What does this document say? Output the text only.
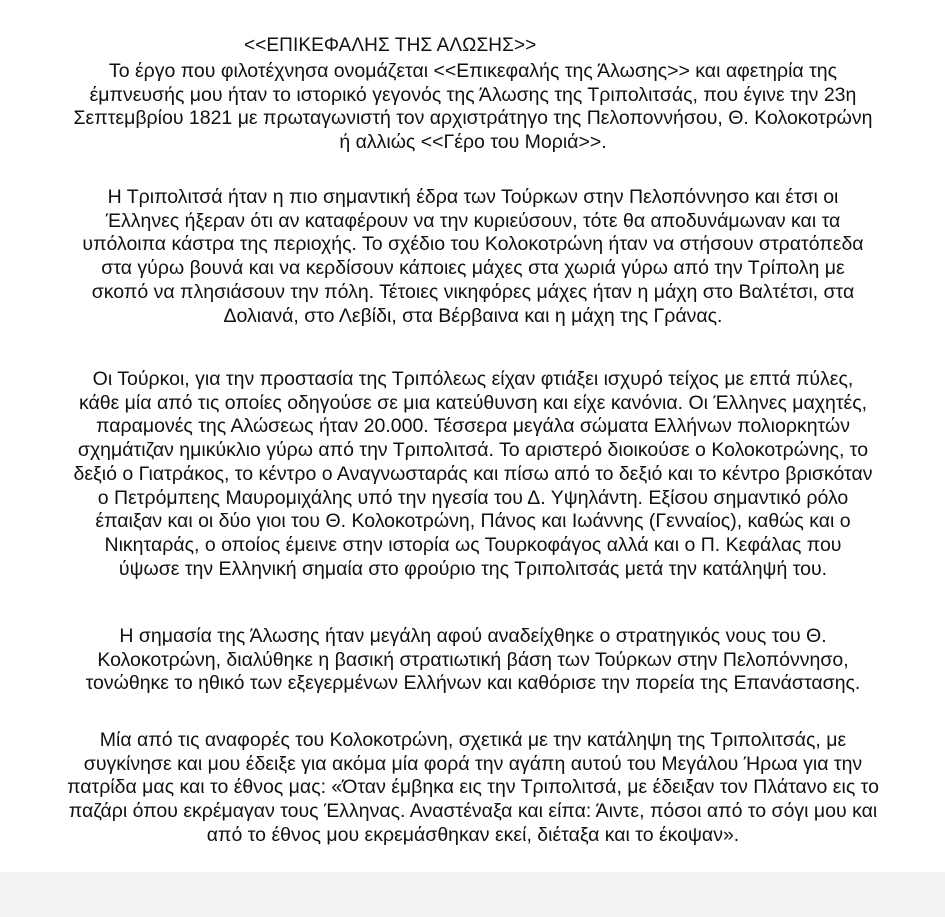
<<ΕΠΙΚΕΦΑΛΗΣ ΤΗΣ ΑΛΩΣΗΣ>>
Το έργο που φιλοτέχνησα ονομάζεται <<Επικεφαλής της Άλωσης>> και αφετηρία της
έμπνευσής μου ήταν το ιστορικό γεγονός της Άλωσης της Τριπολιτσάς, που έγινε την 23η
Σεπτεμβρίου 1821 με πρωταγωνιστή τον αρχιστράτηγο της Πελοποννήσου, Θ. Κολοκοτρώνη
ή αλλιώς <<Γέρο του Μοριά>>.
Η Τριπολιτσά ήταν η πιο σημαντική έδρα των Τούρκων στην Πελοπόννησο και έτσι οι
Έλληνες ήξεραν ότι αν καταφέρουν να την κυριεύσουν, τότε θα αποδυνάμωναν και τα
υπόλοιπα κάστρα της περιοχής. Το σχέδιο του Κολοκοτρώνη ήταν να στήσουν στρατόπεδα
στα γύρω βουνά και να κερδίσουν κάποιες μάχες στα χωριά γύρω από την Τρίπολη με
σκοπό να πλησιάσουν την πόλη. Τέτοιες νικηφόρες μάχες ήταν η μάχη στο Βαλτέτσι, στα
Δολιανά, στο Λεβίδι, στα Βέρβαινα και η μάχη της Γράνας.
Οι Τούρκοι, για την προστασία της Τριπόλεως είχαν φτιάξει ισχυρό τείχος με επτά πύλες,
κάθε μία από τις οποίες οδηγούσε σε μια κατεύθυνση και είχε κανόνια. Οι Έλληνες μαχητές,
παραμονές της Αλώσεως ήταν 20.000. Τέσσερα μεγάλα σώματα Ελλήνων πολιορκητών
σχημάτιζαν ημικύκλιο γύρω από την Τριπολιτσά. Το αριστερό διοικούσε ο Κολοκοτρώνης, το
δεξιό ο Γιατράκος, το κέντρο ο Αναγνωσταράς και πίσω από το δεξιό και το κέντρο βρισκόταν
ο Πετρόμπεης Μαυρομιχάλης υπό την ηγεσία του Δ. Υψηλάντη. Εξίσου σημαντικό ρόλο
έπαιξαν και οι δύο γιοι του Θ. Κολοκοτρώνη, Πάνος και Ιωάννης (Γενναίος), καθώς και ο
Νικηταράς, ο οποίος έμεινε στην ιστορία ως Τουρκοφάγος αλλά και ο Π. Κεφάλας που
ύψωσε την Ελληνική σημαία στο φρούριο της Τριπολιτσάς μετά την κατάληψή του.
Η σημασία της Άλωσης ήταν μεγάλη αφού αναδείχθηκε ο στρατηγικός νους του Θ.
Κολοκοτρώνη, διαλύθηκε η βασική στρατιωτική βάση των Τούρκων στην Πελοπόννησο,
τονώθηκε το ηθικό των εξεγερμένων Ελλήνων και καθόρισε την πορεία της Επανάστασης.
Μία από τις αναφορές του Κολοκοτρώνη, σχετικά με την κατάληψη της Τριπολιτσάς, με
συγκίνησε και μου έδειξε για ακόμα μία φορά την αγάπη αυτού του Μεγάλου Ήρωα για την
πατρίδα μας και το έθνος μας: «Όταν έμβηκα εις την Τριπολιτσά, με έδειξαν τον Πλάτανο εις το
παζάρι όπου εκρέμαγαν τους Έλληνας. Αναστέναξα και είπα: Άιντε, πόσοι από το σόγι μου και
από το έθνος μου εκρεμάσθηκαν εκεί, διέταξα και το έκοψαν».
